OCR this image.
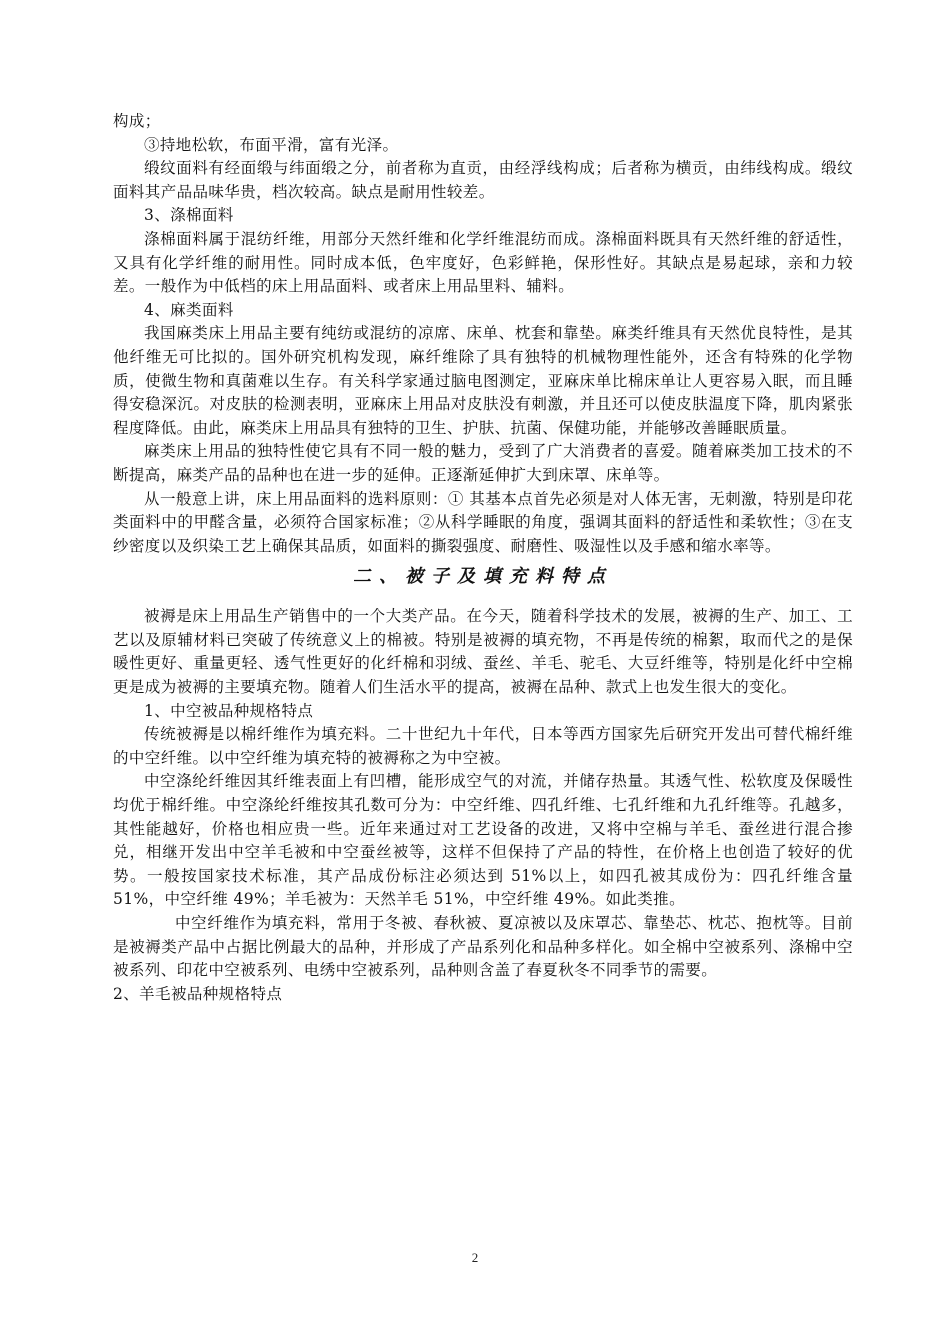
构成；

③持地松软，布面平滑，富有光泽。

缎纹面料有经面缎与纬面缎之分，前者称为直贡，由经浮线构成；后者称为横贡，由纬线构成。缎纹面料其产品品味华贵，档次较高。缺点是耐用性较差。

3、涤棉面料

涤棉面料属于混纺纤维，用部分天然纤维和化学纤维混纺而成。涤棉面料既具有天然纤维的舒适性，又具有化学纤维的耐用性。同时成本低，色牢度好，色彩鲜艳，保形性好。其缺点是易起球，亲和力较差。一般作为中低档的床上用品面料、或者床上用品里料、辅料。

4、麻类面料

我国麻类床上用品主要有纯纺或混纺的凉席、床单、枕套和靠垫。麻类纤维具有天然优良特性，是其他纤维无可比拟的。国外研究机构发现，麻纤维除了具有独特的机械物理性能外，还含有特殊的化学物质，使微生物和真菌难以生存。有关科学家通过脑电图测定，亚麻床单比棉床单让人更容易入眠，而且睡得安稳深沉。对皮肤的检测表明，亚麻床上用品对皮肤没有刺激，并且还可以使皮肤温度下降，肌肉紧张程度降低。由此，麻类床上用品具有独特的卫生、护肤、抗菌、保健功能，并能够改善睡眠质量。

麻类床上用品的独特性使它具有不同一般的魅力，受到了广大消费者的喜爱。随着麻类加工技术的不断提高，麻类产品的品种也在进一步的延伸。正逐渐延伸扩大到床罩、床单等。

从一般意上讲，床上用品面料的选料原则：① 其基本点首先必须是对人体无害，无刺激，特别是印花类面料中的甲醛含量，必须符合国家标准；②从科学睡眠的角度，强调其面料的舒适性和柔软性；③在支纱密度以及织染工艺上确保其品质，如面料的撕裂强度、耐磨性、吸湿性以及手感和缩水率等。

二、被子及填充料特点

被褥是床上用品生产销售中的一个大类产品。在今天，随着科学技术的发展，被褥的生产、加工、工艺以及原辅材料已突破了传统意义上的棉被。特别是被褥的填充物，不再是传统的棉絮，取而代之的是保暖性更好、重量更轻、透气性更好的化纤棉和羽绒、蚕丝、羊毛、驼毛、大豆纤维等，特别是化纤中空棉更是成为被褥的主要填充物。随着人们生活水平的提高，被褥在品种、款式上也发生很大的变化。

1、中空被品种规格特点

传统被褥是以棉纤维作为填充料。二十世纪九十年代，日本等西方国家先后研究开发出可替代棉纤维的中空纤维。以中空纤维为填充特的被褥称之为中空被。

中空涤纶纤维因其纤维表面上有凹槽，能形成空气的对流，并储存热量。其透气性、松软度及保暖性均优于棉纤维。中空涤纶纤维按其孔数可分为：中空纤维、四孔纤维、七孔纤维和九孔纤维等。孔越多，其性能越好，价格也相应贵一些。近年来通过对工艺设备的改进，又将中空棉与羊毛、蚕丝进行混合掺兑，相继开发出中空羊毛被和中空蚕丝被等，这样不但保持了产品的特性，在价格上也创造了较好的优势。一般按国家技术标准，其产品成份标注必须达到 51%以上，如四孔被其成份为：四孔纤维含量 51%，中空纤维 49%；羊毛被为：天然羊毛 51%，中空纤维 49%。如此类推。

中空纤维作为填充料，常用于冬被、春秋被、夏凉被以及床罩芯、靠垫芯、枕芯、抱枕等。目前是被褥类产品中占据比例最大的品种，并形成了产品系列化和品种多样化。如全棉中空被系列、涤棉中空被系列、印花中空被系列、电绣中空被系列，品种则含盖了春夏秋冬不同季节的需要。

2、羊毛被品种规格特点

2
